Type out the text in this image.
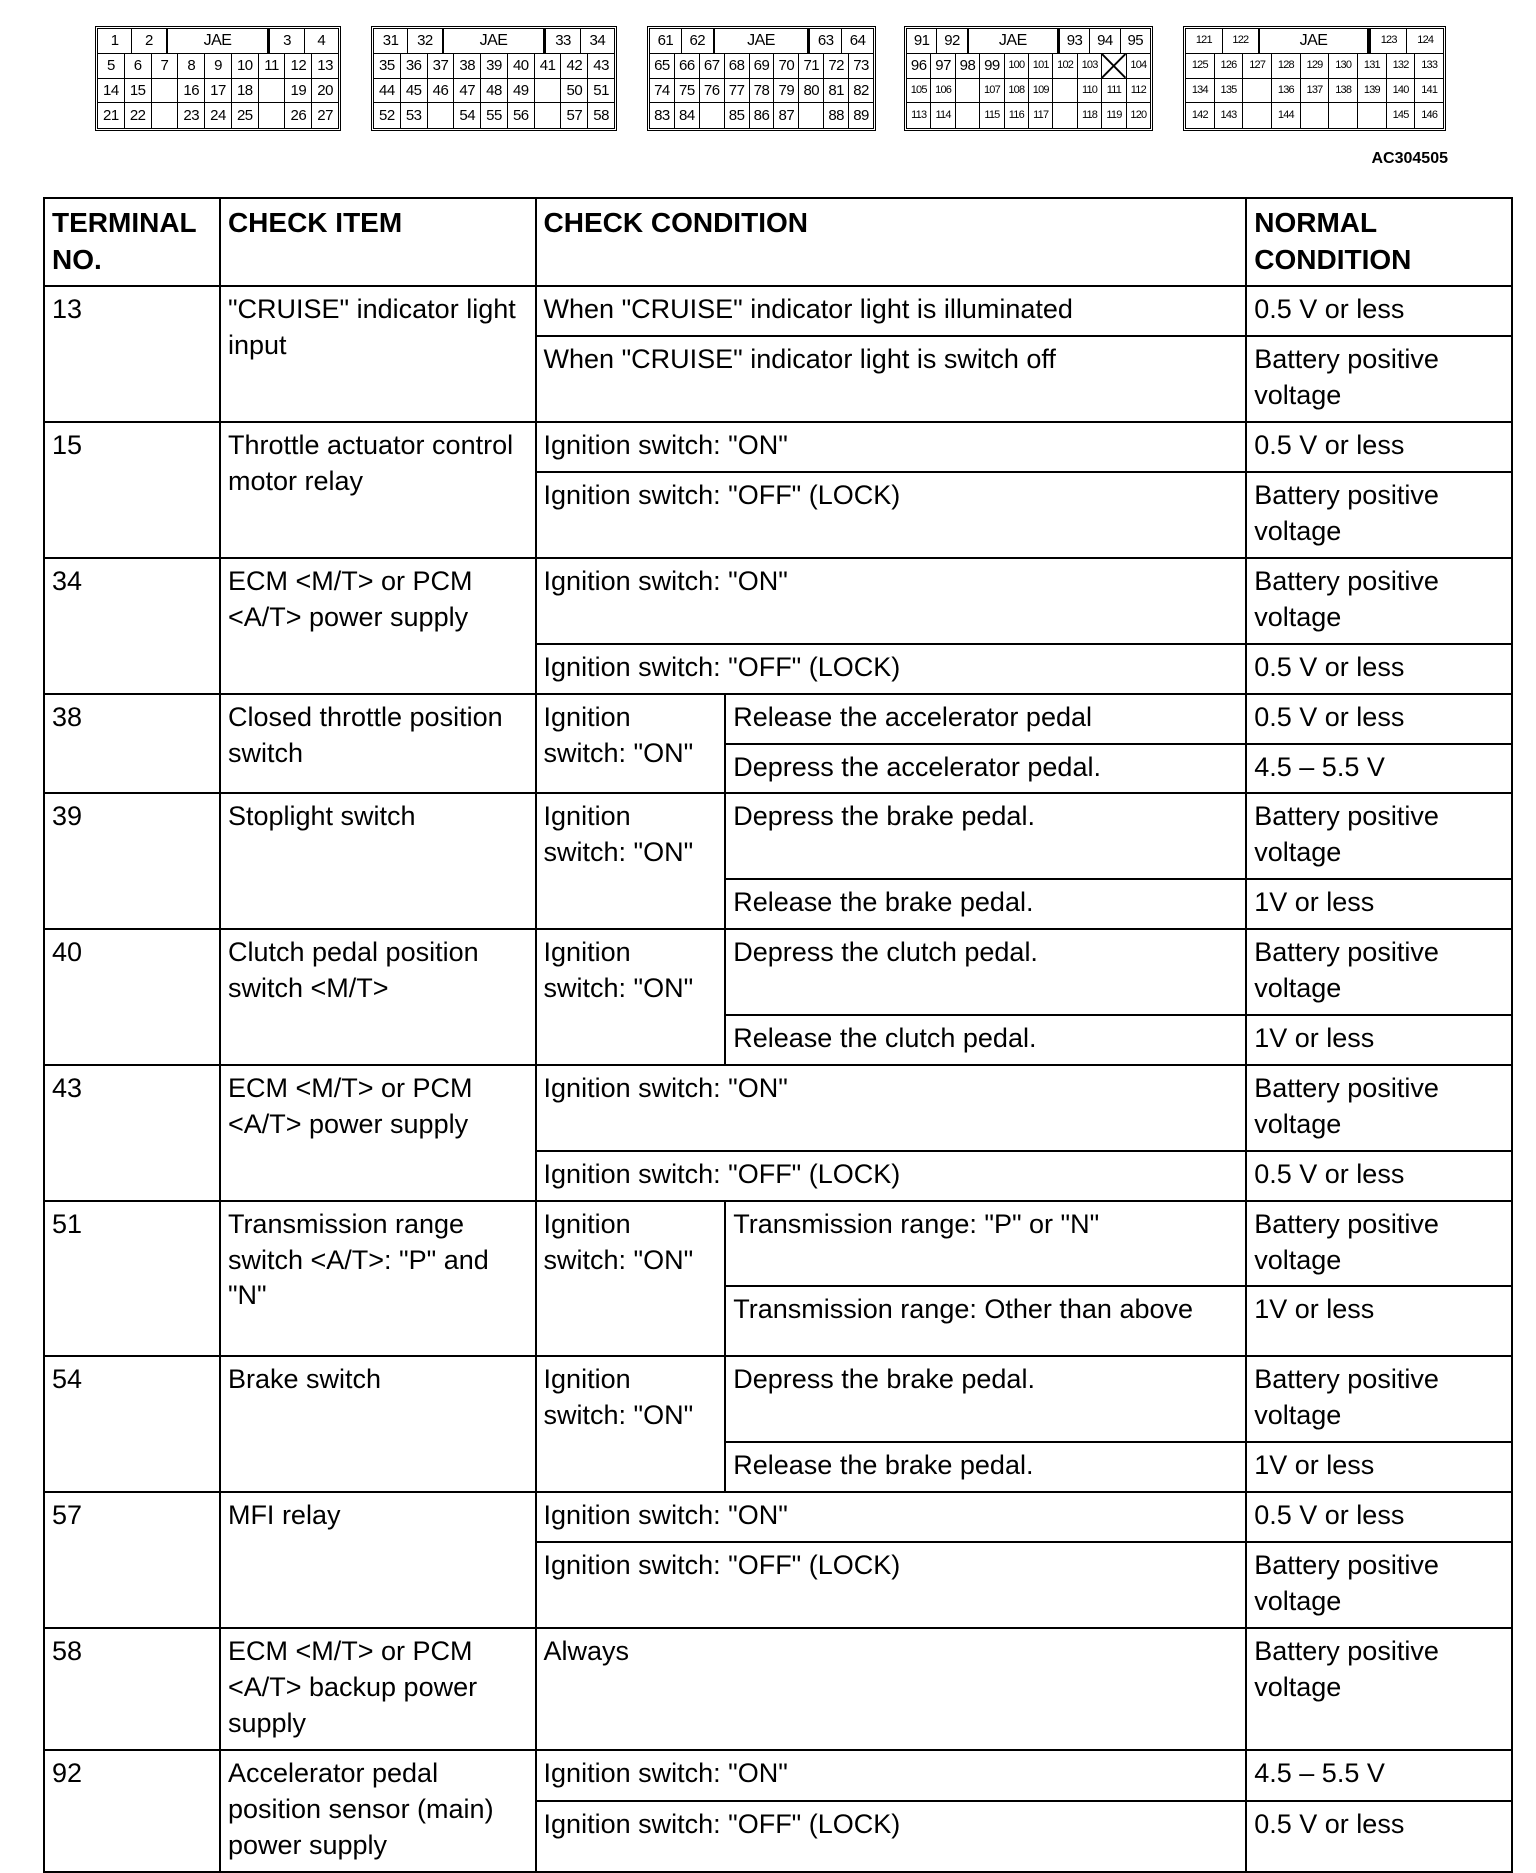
1	2	JAE	3	4
5	6	7	8	9	10 11 12 13
14 15	16 17 18	19 20
21 22	23 24 25	26 27
31	32	JAE	33	34
35 36 37 38 39 40 41 42 43
44 45 46 47 48 49	50 51
52 53	54 55 56	57 58
61	62	JAE	63	64
65 66 67 68 69 70 71 72 73
74 75 76 77 78 79 80 81 82
83 84	85 86 87	88 89
91 92	JAE	93 94 95
96 97 98 99 100 101 102 103	104
105 106	107 108 109	110 111 112
113 114	115 116 117	118 119 120
121	122	JAE	123	124
125	126	127	128	129	130	131	132	133
134	135	136	137	138	139	140	141
142	143	144	145	146
AC304505
TERMINAL NO.	CHECK ITEM	CHECK CONDITION		NORMAL CONDITION
13	"CRUISE" indicator light input	When "CRUISE" indicator light is illuminated		0.5 V or less
		When "CRUISE" indicator light is switch off		Battery positive voltage
15	Throttle actuator control motor relay	Ignition switch: "ON"		0.5 V or less
		Ignition switch: "OFF" (LOCK)		Battery positive voltage
34	ECM <M/T> or PCM <A/T> power supply	Ignition switch: "ON"		Battery positive voltage
		Ignition switch: "OFF" (LOCK)		0.5 V or less
38	Closed throttle position switch	Ignition switch: "ON"	Release the accelerator pedal	0.5 V or less
			Depress the accelerator pedal.	4.5 – 5.5 V
39	Stoplight switch	Ignition switch: "ON"	Depress the brake pedal.	Battery positive voltage
			Release the brake pedal.	1V or less
40	Clutch pedal position switch <M/T>	Ignition switch: "ON"	Depress the clutch pedal.	Battery positive voltage
			Release the clutch pedal.	1V or less
43	ECM <M/T> or PCM <A/T> power supply	Ignition switch: "ON"		Battery positive voltage
		Ignition switch: "OFF" (LOCK)		0.5 V or less
51	Transmission range switch <A/T>: "P" and "N"	Ignition switch: "ON"	Transmission range: "P" or "N"	Battery positive voltage
			Transmission range: Other than above	1V or less
54	Brake switch	Ignition switch: "ON"	Depress the brake pedal.	Battery positive voltage
			Release the brake pedal.	1V or less
57	MFI relay	Ignition switch: "ON"		0.5 V or less
		Ignition switch: "OFF" (LOCK)		Battery positive voltage
58	ECM <M/T> or PCM <A/T> backup power supply	Always		Battery positive voltage
92	Accelerator pedal position sensor (main) power supply	Ignition switch: "ON"		4.5 – 5.5 V
		Ignition switch: "OFF" (LOCK)		0.5 V or less
